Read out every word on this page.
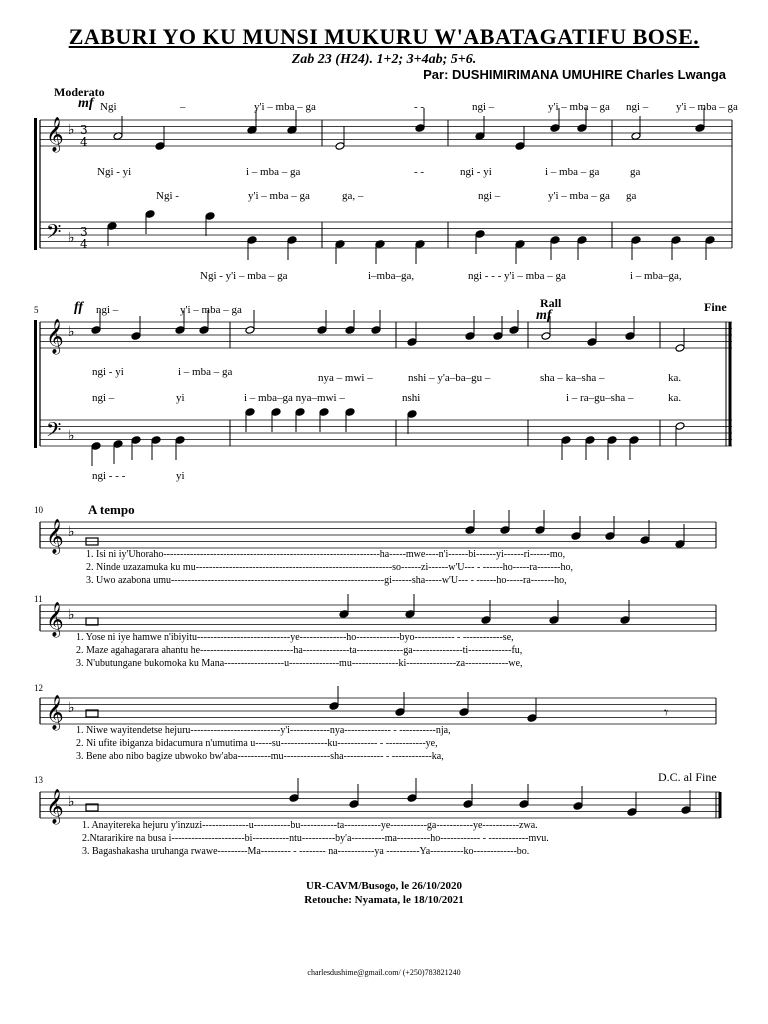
ZABURI YO KU MUNSI MUKURU W'ABATAGATIFU BOSE.
Zab 23 (H24). 1+2; 3+4ab; 5+6.
Par: DUSHIMIRIMANA UMUHIRE Charles Lwanga
𝄞
𝄢
♭
♭
3
4
3
4
𝄞
𝄢
♭
♭
𝄞 ♭
𝄞 ♭
𝄞 ♭	𝄾
𝄞 ♭
Moderato
mf Ngi	–	y'i – mba – ga	- -	ngi –	y'i – mba – ga ngi –	y'i – mba – ga
Ngi - yi	i – mba – ga	- -	ngi - yi	i – mba – ga	ga
Ngi -	y'i – mba – ga	ga, –	ngi –	y'i – mba – ga ga
Ngi - y'i – mba – ga	i–mba–ga,	ngi - - - y'i – mba – ga	i – mba–ga,
5	ff ngi –	y'i – mba – ga	Rall
mf
Fine
ngi - yi	i – mba – ga	nya – mwi –	nshi – y'a–ba–gu –	sha – ka–sha –	ka.
ngi –	yi	i – mba–ga nya–mwi –	nshi	i – ra–gu–sha –	ka.
ngi - - -	yi
10	A tempo
1. Isi ni iy'Uhoraho-----------------------------------------------------------------ha-----mwe----n'i------bi------yi------ri------mo,
2. Ninde uzazamuka ku mu-----------------------------------------------------------so------zi------w'U--- - ------ho-----ra-------ho,
3. Uwo azabona umu----------------------------------------------------------------gi------sha-----w'U--- - ------ho-----ra-------ho,
11
1. Yose ni iye hamwe n'ibiyitu----------------------------ye--------------ho-------------byo------------ - ------------se,
2. Maze agahagarara ahantu he----------------------------ha--------------ta--------------ga---------------ti-------------fu,
3. N'ubutungane bukomoka ku Mana------------------u---------------mu--------------ki---------------za-------------we,
12
1. Niwe wayitendetse hejuru---------------------------y'i------------nya-------------- - -----------nja,
2. Ni ufite ibiganza bidacumura n'umutima u-----su--------------ku------------ - ------------ye,
3. Bene abo nibo bagize ubwoko bw'aba----------mu--------------sha------------ - ------------ka,
13	D.C. al Fine
1. Anayitereka hejuru y'inzuzi--------------u-----------bu-----------ta-----------ye-----------ga-----------ye-----------zwa.
2.Ntararikire na busa i----------------------bi-----------ntu----------by'a----------ma----------ho------------ - ------------mvu.
3. Bagashakasha uruhanga rwawe---------Ma--------- - -------- na-----------ya ----------Ya----------ko-------------bo.
UR-CAVM/Busogo, le 26/10/2020
Retouche: Nyamata, le 18/10/2021
charlesdushime@gmail.com/ (+250)783821240
